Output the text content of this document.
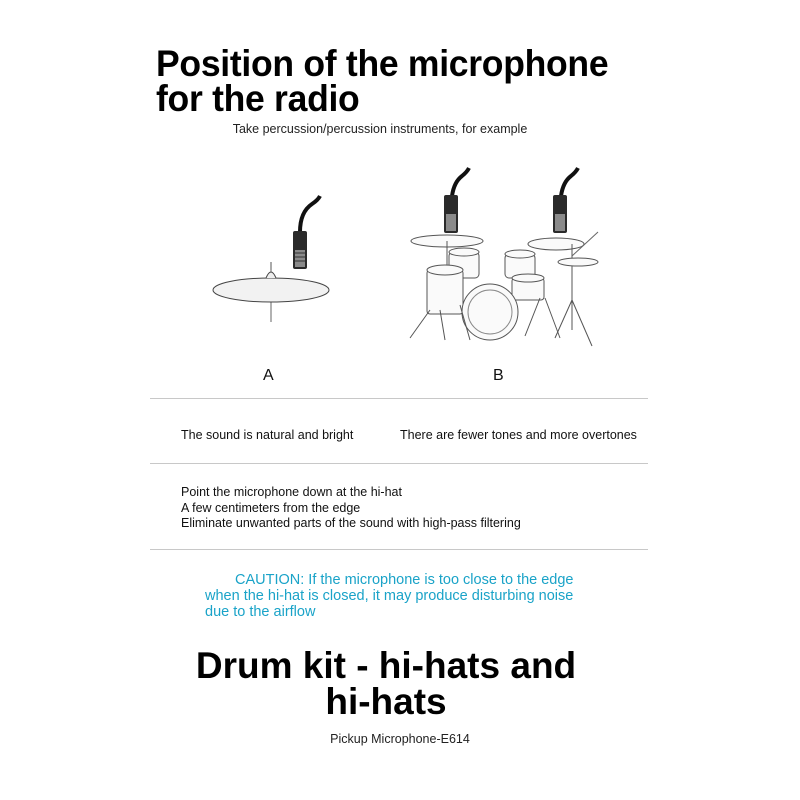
Position of the microphone
for the radio
Take percussion/percussion instruments, for example
A	B
The sound is natural and bright	There are fewer tones and more overtones
Point the microphone down at the hi-hat
A few centimeters from the edge
Eliminate unwanted parts of the sound with high-pass filtering
CAUTION: If the microphone is too close to the edge
when the hi-hat is closed, it may produce disturbing noise
due to the airflow
Drum kit - hi-hats and
hi-hats
Pickup Microphone-E614
